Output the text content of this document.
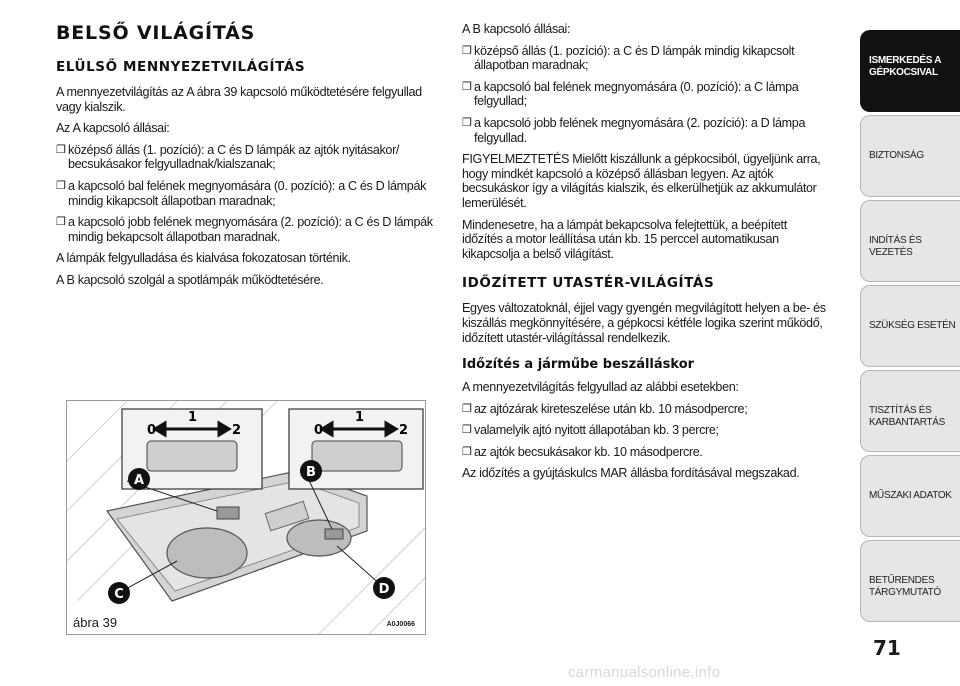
BELSŐ VILÁGÍTÁS
ELÜLSŐ MENNYEZETVILÁGÍTÁS

A mennyezetvilágítás az A ábra 39 kapcsoló működtetésére felgyullad vagy kialszik.

Az A kapcsoló állásai:

❒ középső állás (1. pozíció): a C és D lámpák az ajtók nyitásakor/ becsukásakor felgyulladnak/kialszanak;
❒ a kapcsoló bal felének megnyomására (0. pozíció): a C és D lámpák mindig kikapcsolt állapotban maradnak;
❒ a kapcsoló jobb felének megnyomására (2. pozíció): a C és D lámpák mindig bekapcsolt állapotban maradnak.

A lámpák felgyulladása és kialvása fokozatosan történik.

A B kapcsoló szolgál a spotlámpák működtetésére.

0
1
2	0
1
2
A
B
C	D
ábra 39	A0J0066

A B kapcsoló állásai:

❒ középső állás (1. pozíció): a C és D lámpák mindig kikapcsolt állapotban maradnak;
❒ a kapcsoló bal felének megnyomására (0. pozíció): a C lámpa felgyullad;
❒ a kapcsoló jobb felének megnyomására (2. pozíció): a D lámpa felgyullad.

FIGYELMEZTETÉS Mielőtt kiszállunk a gépkocsiból, ügyeljünk arra, hogy mindkét kapcsoló a középső állásban legyen. Az ajtók becsukáskor így a világítás kialszik, és elkerülhetjük az akkumulátor lemerülését.

Mindenesetre, ha a lámpát bekapcsolva felejtettük, a beépített időzítés a motor leállítása után kb. 15 perccel automatikusan kikapcsolja a belső világítást.

IDŐZÍTETT UTASTÉR-VILÁGÍTÁS

Egyes változatoknál, éjjel vagy gyengén megvilágított helyen a be- és kiszállás megkönnyítésére, a gépkocsi kétféle logika szerint működő, időzített utastér-világítással rendelkezik.

Időzítés a járműbe beszálláskor

A mennyezetvilágítás felgyullad az alábbi esetekben:

❒ az ajtózárak kireteszelése után kb. 10 másodpercre;
❒ valamelyik ajtó nyitott állapotában kb. 3 percre;
❒ az ajtók becsukásakor kb. 10 másodpercre.

Az időzítés a gyújtáskulcs MAR állásba fordításával megszakad.

ISMERKEDÉS A GÉPKOCSIVAL
BIZTONSÁG
INDÍTÁS ÉS VEZETÉS
SZÜKSÉG ESETÉN
TISZTÍTÁS ÉS KARBANTARTÁS
MŰSZAKI ADATOK
BETŰRENDES TÁRGYMUTATÓ
71
carmanualsonline.info
